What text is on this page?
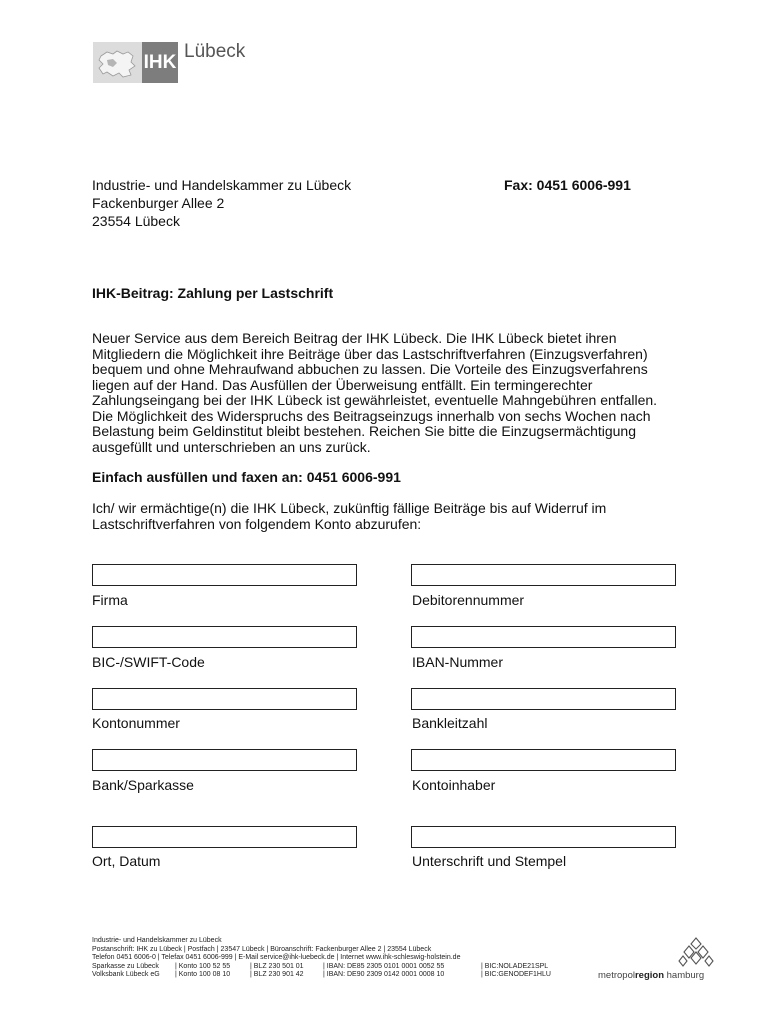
IHK Lübeck
Industrie- und Handelskammer zu Lübeck
Fackenburger Allee 2
23554 Lübeck
Fax: 0451 6006-991
IHK-Beitrag: Zahlung per Lastschrift
Neuer Service aus dem Bereich Beitrag der IHK Lübeck. Die IHK Lübeck bietet ihren
Mitgliedern die Möglichkeit ihre Beiträge über das Lastschriftverfahren (Einzugsverfahren)
bequem und ohne Mehraufwand abbuchen zu lassen. Die Vorteile des Einzugsverfahrens
liegen auf der Hand. Das Ausfüllen der Überweisung entfällt. Ein termingerechter
Zahlungseingang bei der IHK Lübeck ist gewährleistet, eventuelle Mahngebühren entfallen.
Die Möglichkeit des Widerspruchs des Beitragseinzugs innerhalb von sechs Wochen nach
Belastung beim Geldinstitut bleibt bestehen. Reichen Sie bitte die Einzugsermächtigung
ausgefüllt und unterschrieben an uns zurück.
Einfach ausfüllen und faxen an: 0451 6006-991
Ich/ wir ermächtige(n) die IHK Lübeck, zukünftig fällige Beiträge bis auf Widerruf im
Lastschriftverfahren von folgendem Konto abzurufen:
Firma	Debitorennummer
BIC-/SWIFT-Code	IBAN-Nummer
Kontonummer	Bankleitzahl
Bank/Sparkasse	Kontoinhaber
Ort, Datum	Unterschrift und Stempel
Industrie- und Handelskammer zu Lübeck
Postanschrift: IHK zu Lübeck | Postfach | 23547 Lübeck | Büroanschrift: Fackenburger Allee 2 | 23554 Lübeck
Telefon 0451 6006-0 | Telefax 0451 6006-999 | E-Mail service@ihk-luebeck.de | Internet www.ihk-schleswig-holstein.de
Sparkasse zu Lübeck	| Konto 100 52 55	| BLZ 230 501 01	| IBAN: DE85 2305 0101 0001 0052 55	| BIC:NOLADE21SPL
Volksbank Lübeck eG	| Konto 100 08 10	| BLZ 230 901 42	| IBAN: DE90 2309 0142 0001 0008 10	| BIC:GENODEF1HLU	metropolregion hamburg
